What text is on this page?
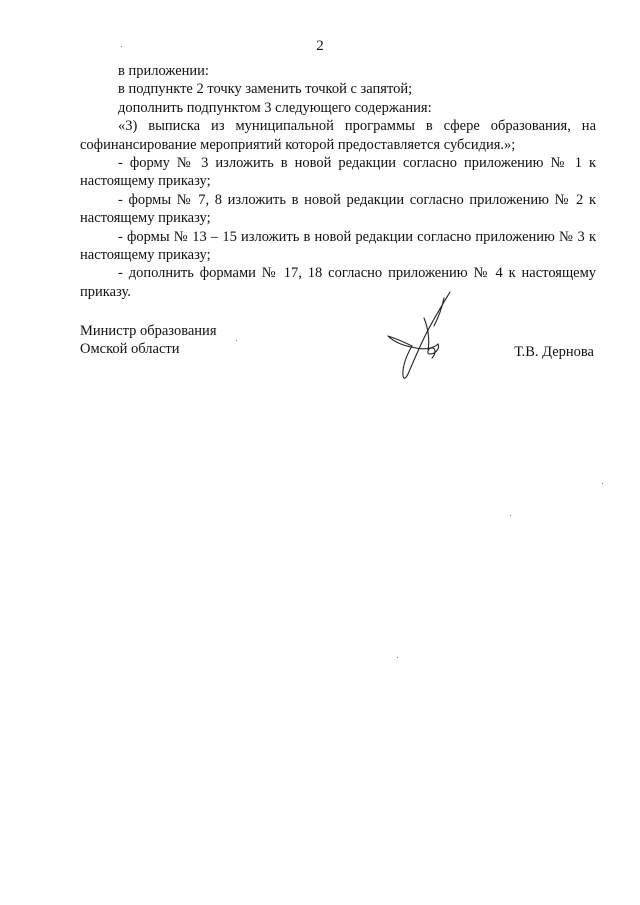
2

в приложении:

в подпункте 2 точку заменить точкой с запятой;

дополнить подпунктом 3 следующего содержания:

«3) выписка из муниципальной программы в сфере образования, на софинансирование мероприятий которой предоставляется субсидия.»;

- форму № 3 изложить в новой редакции согласно приложению № 1 к настоящему приказу;

- формы № 7, 8 изложить в новой редакции согласно приложению № 2 к настоящему приказу;

- формы № 13 – 15 изложить в новой редакции согласно приложению № 3 к настоящему приказу;

- дополнить формами № 17, 18 согласно приложению № 4 к настоящему приказу.

Министр образования
Омской области	Т.В. Дернова
